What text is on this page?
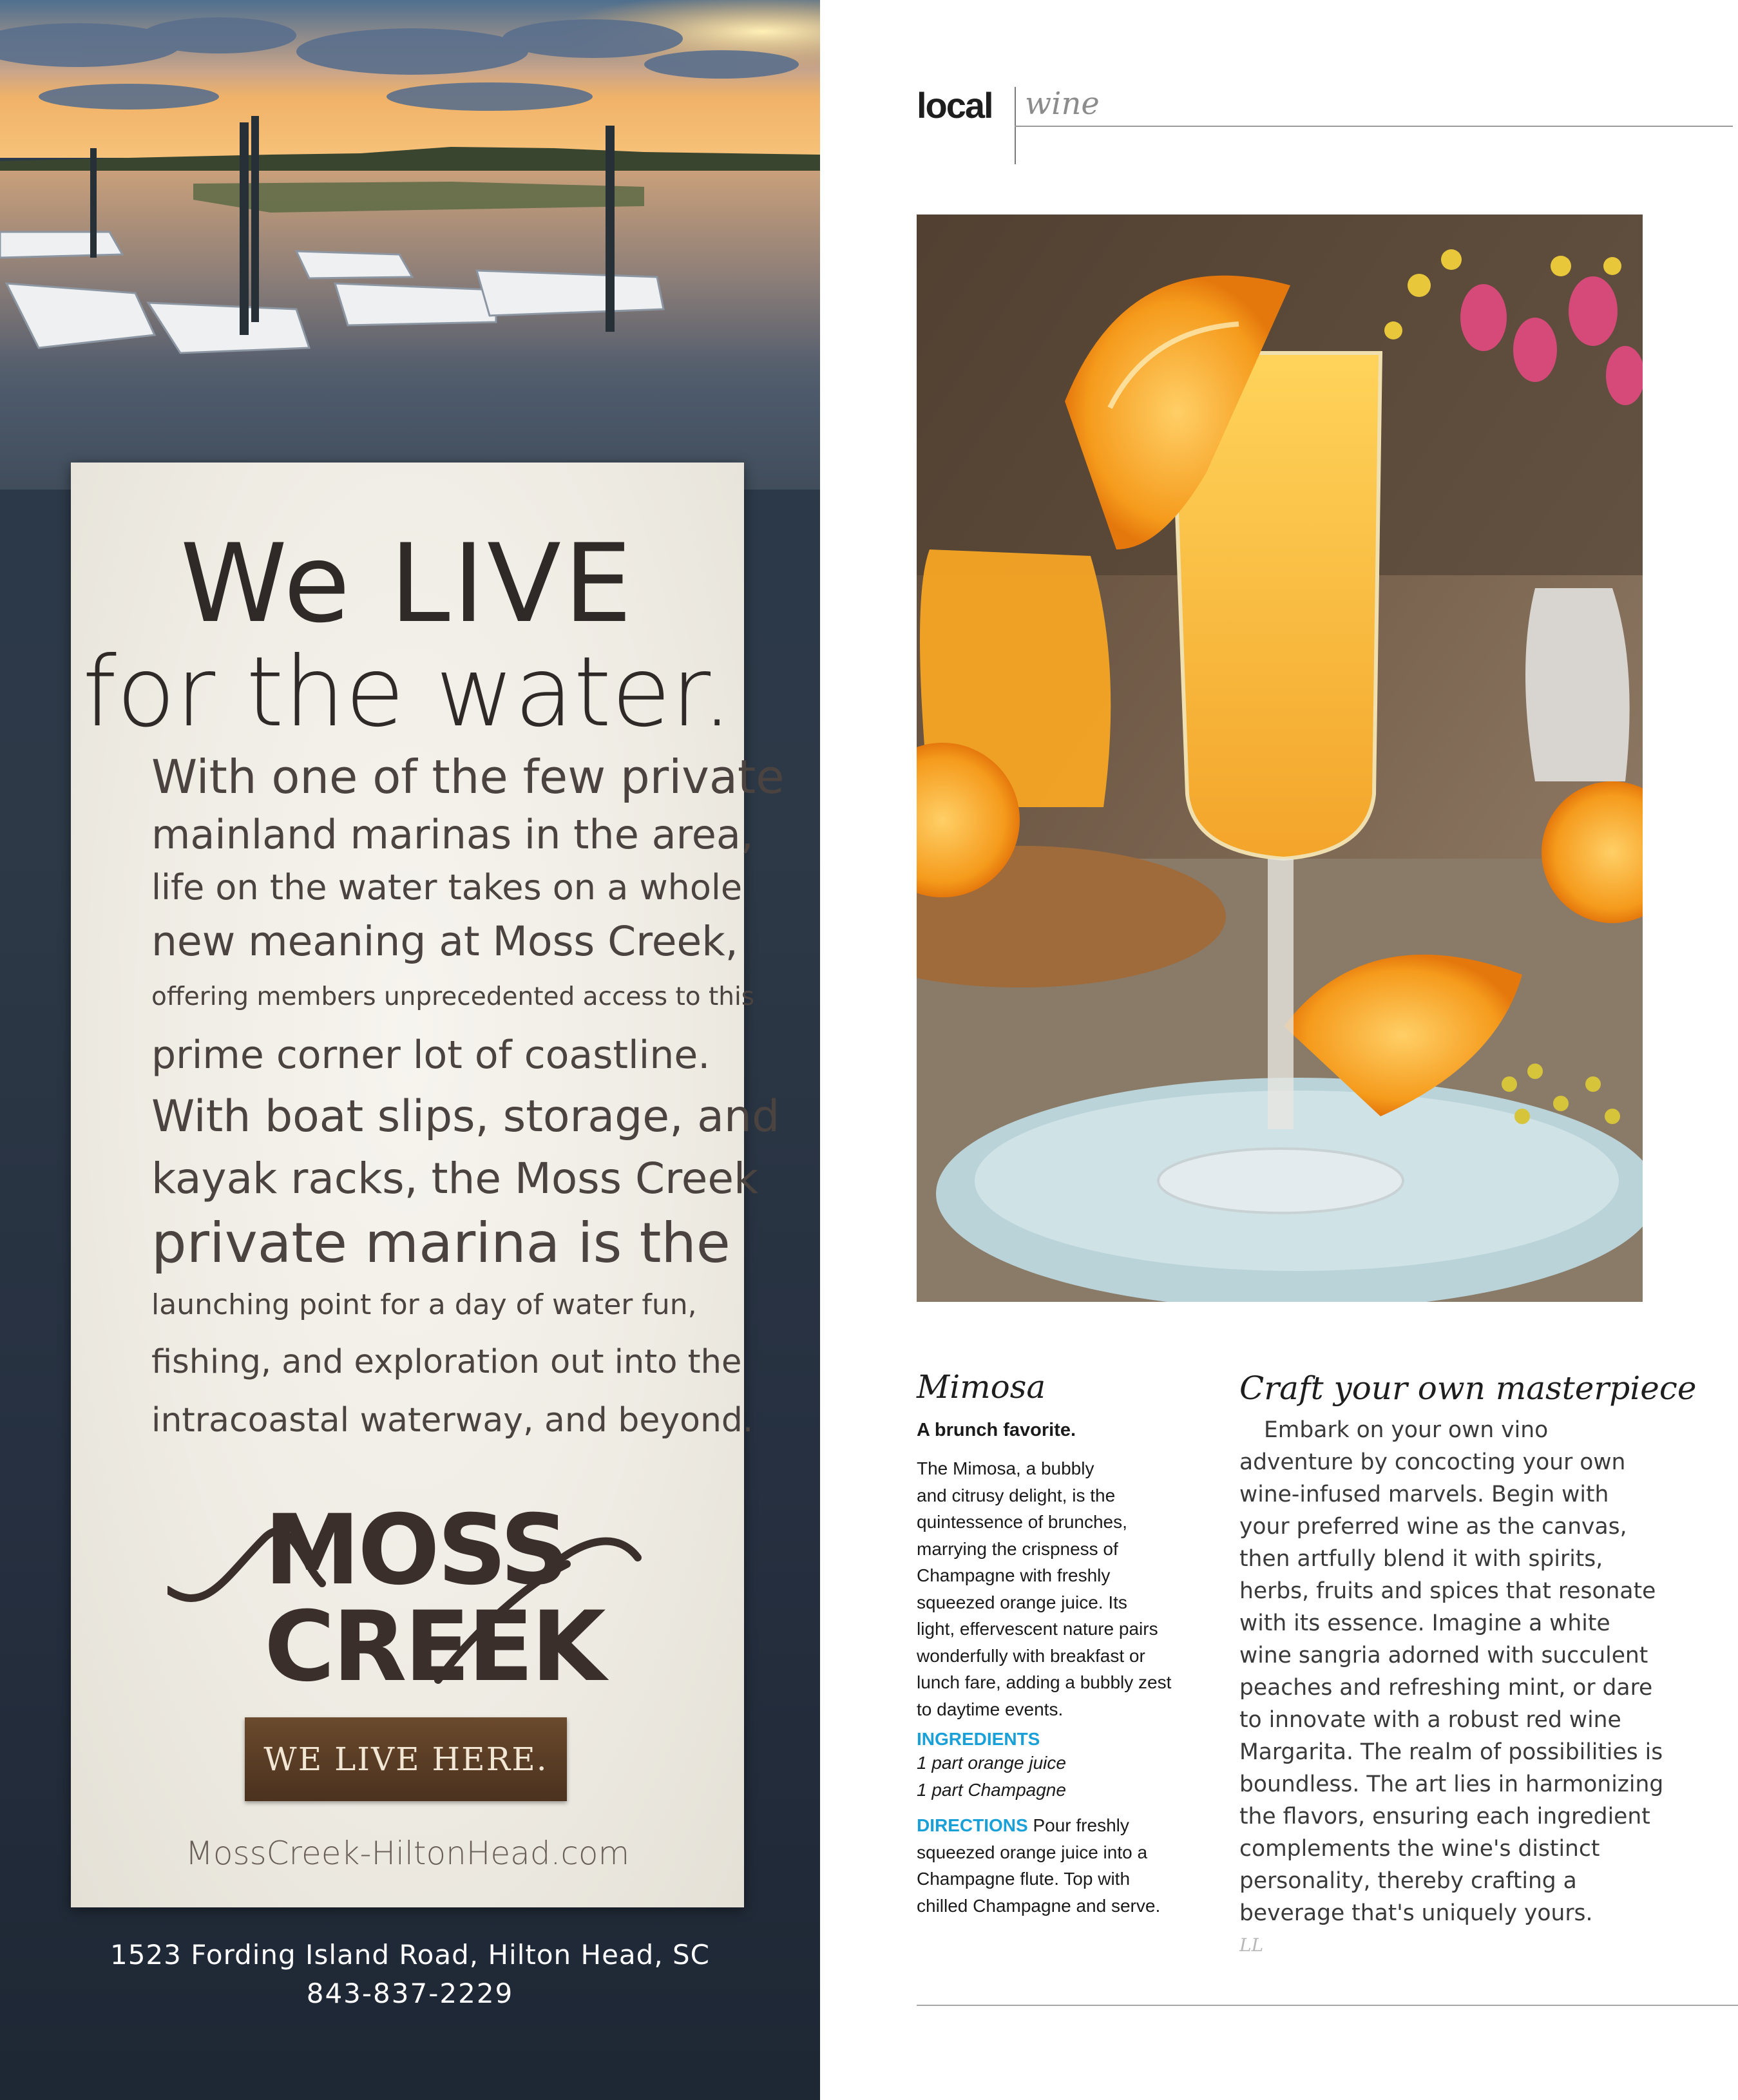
We LIVE
for the water.
With one of the few private
mainland marinas in the area,
life on the water takes on a whole
new meaning at Moss Creek,
offering members unprecedented access to this
prime corner lot of coastline.
With boat slips, storage, and
kayak racks, the Moss Creek
private marina is the
launching point for a day of water fun,
fishing, and exploration out into the
intracoastal waterway, and beyond.
MOSS
CREEK
WE LIVE HERE.
MossCreek-HiltonHead.com
1523 Fording Island Road, Hilton Head, SC
843-837-2229
local wine
Mimosa
A brunch favorite.
The Mimosa, a bubbly
and citrusy delight, is the
quintessence of brunches,
marrying the crispness of
Champagne with freshly
squeezed orange juice. Its
light, effervescent nature pairs
wonderfully with breakfast or
lunch fare, adding a bubbly zest
to daytime events.
INGREDIENTS
1 part orange juice
1 part Champagne
DIRECTIONS Pour freshly
squeezed orange juice into a
Champagne flute. Top with
chilled Champagne and serve.
Craft your own masterpiece
Embark on your own vino
adventure by concocting your own
wine-infused marvels. Begin with
your preferred wine as the canvas,
then artfully blend it with spirits,
herbs, fruits and spices that resonate
with its essence. Imagine a white
wine sangria adorned with succulent
peaches and refreshing mint, or dare
to innovate with a robust red wine
Margarita. The realm of possibilities is
boundless. The art lies in harmonizing
the flavors, ensuring each ingredient
complements the wine's distinct
personality, thereby crafting a
beverage that's uniquely yours.
LL
